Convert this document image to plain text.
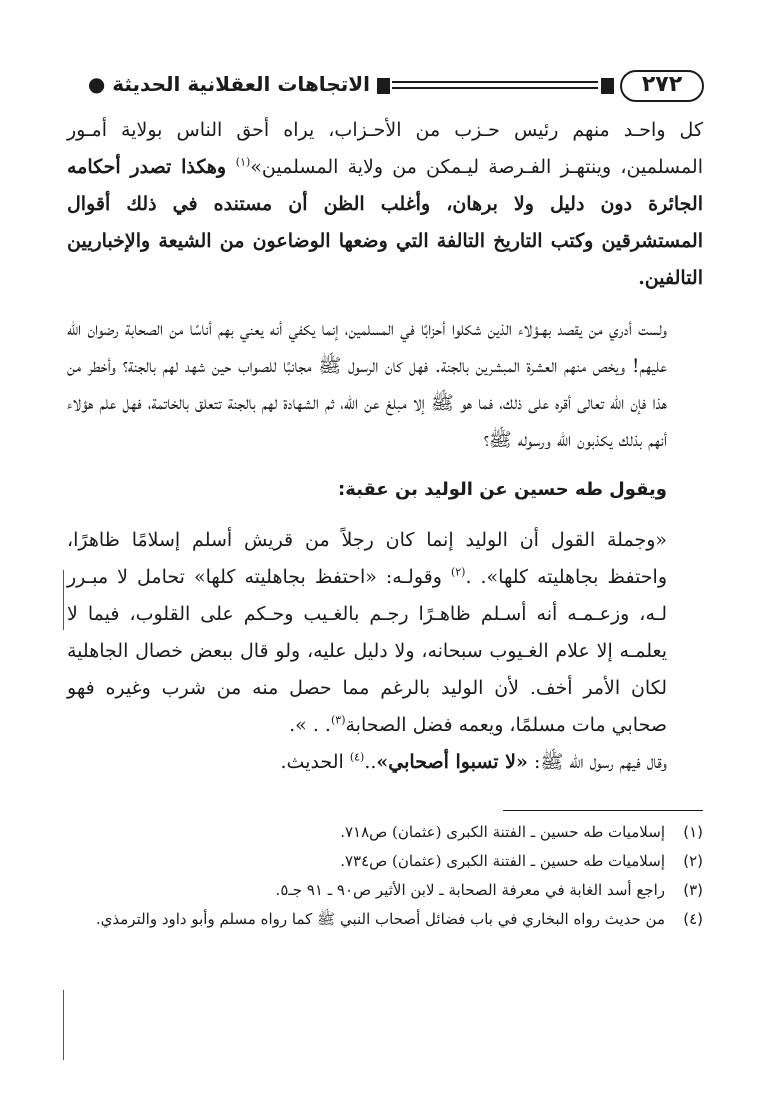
٢٧٢
الاتجاهات العقلانية الحديثة ●

كل واحـد منهم رئيس حـزب من الأحـزاب، يراه أحق الناس بولاية أمـور المسلمين، وينتهـز الفـرصة ليـمكن من ولاية المسلمين»$^{(١)}$ وهكذا تصدر أحكامه الجائرة دون دليل ولا برهان، وأغلب الظن أن مستنده في ذلك أقوال المستشرقين وكتب التاريخ التالفة التي وضعها الوضاعون من الشيعة والإخباريين التالفين.

ولست أدري من يقصد بهـؤلاء الذين شكلوا أحزابًا في المسلمين، إنما يكفي أنه يعني بهم أناسًا من الصحابة رضوان الله عليهم! ويخص منهم العشرة المبشرين بالجنة. فهل كان الرسول ﷺ مجانبًا للصواب حين شهد لهم بالجنة؟ وأخطر من هذا فإن الله تعالى أقره على ذلك، فما هو ﷺ إلا مبلغ عن الله، ثم الشهادة لهم بالجنة تتعلق بالخاتمة، فهل علم هؤلاء أنهم بذلك يكذبون الله ورسوله ﷺ؟

ويقول طه حسين عن الوليد بن عقبة:

«وجملة القول أن الوليد إنما كان رجلاً من قريش أسلم إسلامًا ظاهرًا، واحتفظ بجاهليته كلها». .$^{(٢)}$ وقولـه: «احتفظ بجاهليته كلها» تحامل لا مبـرر لـه، وزعـمـه أنه أسـلم ظاهـرًا رجـم بالغـيب وحـكم على القلوب، فيما لا يعلمـه إلا علام الغـيوب سبحانه، ولا دليل عليه، ولو قال ببعض خصال الجاهلية لكان الأمر أخف. لأن الوليد بالرغم مما حصل منه من شرب وغيره فهو صحابي مات مسلمًا، ويعمه فضل الصحابة$^{(٣)}$. . ».

وقال فيهم رسول الله ﷺ: «لا تسبوا أصحابي»..$^{(٤)}$ الحديث.

(١)
إسلاميات طه حسين ـ الفتنة الكبرى (عثمان) ص٧١٨.
(٢)
إسلاميات طه حسين ـ الفتنة الكبرى (عثمان) ص٧٣٤.
(٣)
راجع أسد الغابة في معرفة الصحابة ـ لابن الأثير ص٩٠ ـ ٩١ جـ٥.
(٤)
من حديث رواه البخاري في باب فضائل أصحاب النبي ﷺ كما رواه مسلم وأبو داود والترمذي.
